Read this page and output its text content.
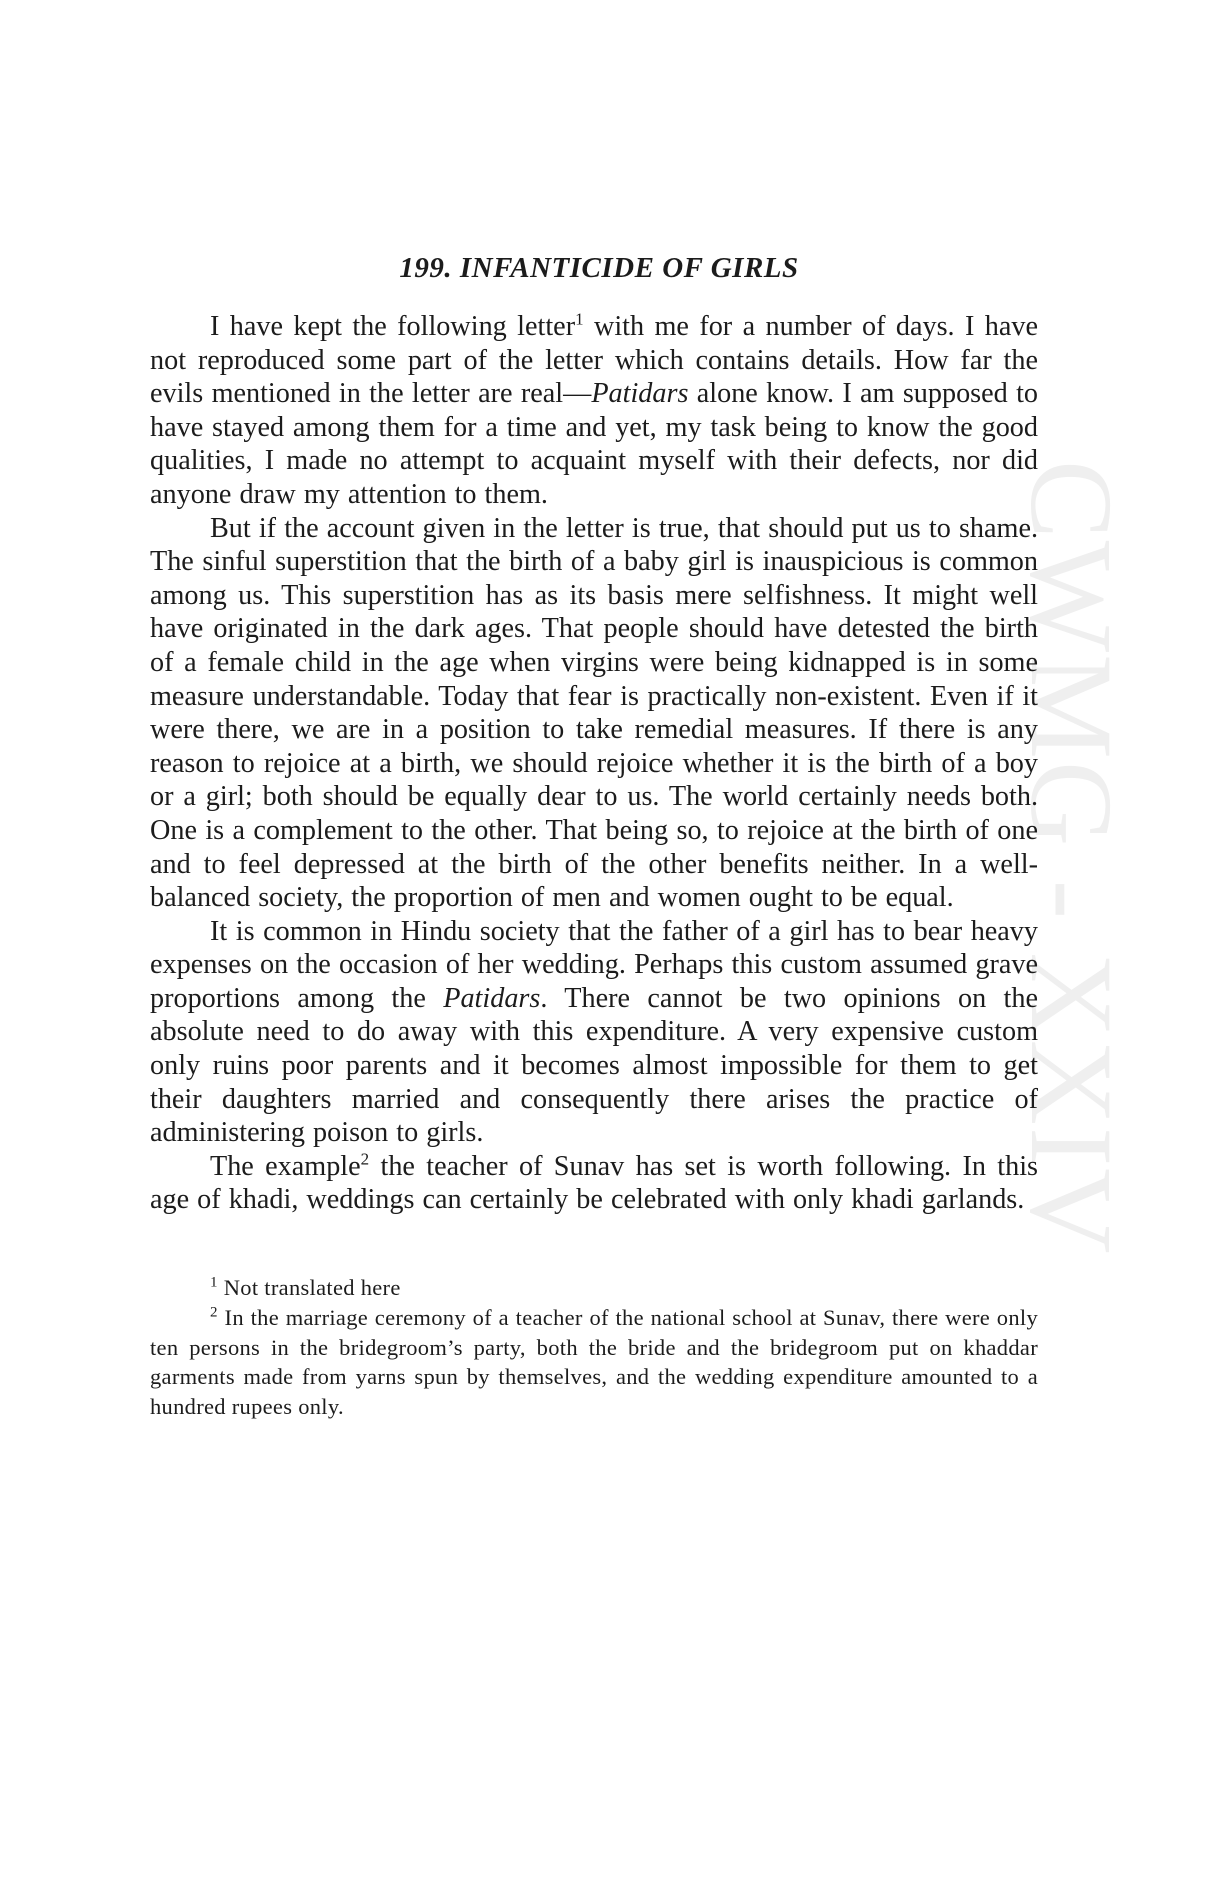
CWMG - XXIV
199. INFANTICIDE OF GIRLS

I have kept the following letter$^1$ with me for a number of days. I have not reproduced some part of the letter which contains details. How far the evils mentioned in the letter are real—Patidars alone know. I am supposed to have stayed among them for a time and yet, my task being to know the good qualities, I made no attempt to acquaint myself with their defects, nor did anyone draw my attention to them.

But if the account given in the letter is true, that should put us to shame. The sinful superstition that the birth of a baby girl is inauspicious is common among us. This superstition has as its basis mere selfishness. It might well have originated in the dark ages. That people should have detested the birth of a female child in the age when virgins were being kidnapped is in some measure understandable. Today that fear is practically non-existent. Even if it were there, we are in a position to take remedial measures. If there is any reason to rejoice at a birth, we should rejoice whether it is the birth of a boy or a girl; both should be equally dear to us. The world certainly needs both. One is a complement to the other. That being so, to rejoice at the birth of one and to feel depressed at the birth of the other benefits neither. In a well-balanced society, the proportion of men and women ought to be equal.

It is common in Hindu society that the father of a girl has to bear heavy expenses on the occasion of her wedding. Perhaps this custom assumed grave proportions among the Patidars. There cannot be two opinions on the absolute need to do away with this expenditure. A very expensive custom only ruins poor parents and it becomes almost impossible for them to get their daughters married and consequently there arises the practice of administering poison to girls.

The example$^2$ the teacher of Sunav has set is worth following. In this age of khadi, weddings can certainly be celebrated with only khadi garlands.

$^1$ Not translated here

$^2$ In the marriage ceremony of a teacher of the national school at Sunav, there were only ten persons in the bridegroom’s party, both the bride and the bridegroom put on khaddar garments made from yarns spun by themselves, and the wedding expenditure amounted to a hundred rupees only.
